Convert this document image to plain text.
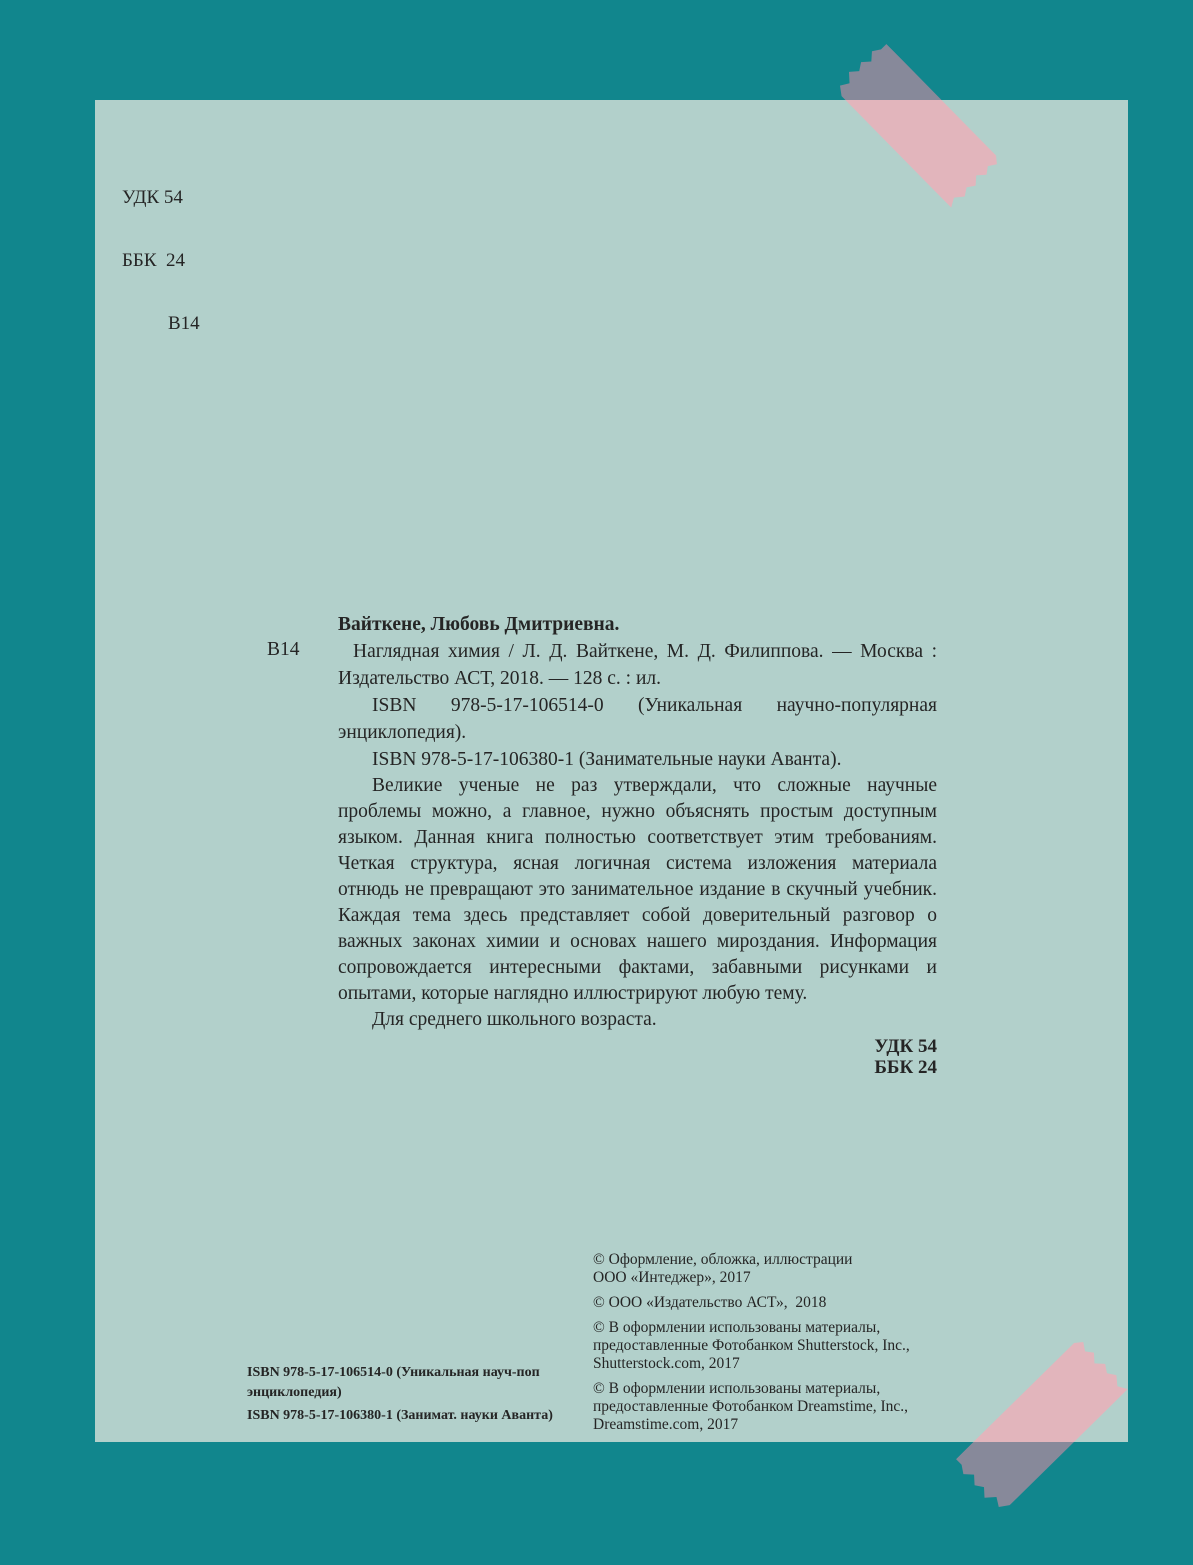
УДК 54

ББК  24

В14

В14

Вайткене, Любовь Дмитриевна.

Наглядная химия / Л. Д. Вайткене, М. Д. Филиппова. — Москва : Издательство АСТ, 2018. — 128 с. : ил.

ISBN 978-5-17-106514-0 (Уникальная научно-популярная энциклопедия).

ISBN 978-5-17-106380-1 (Занимательные науки Аванта).

Великие ученые не раз утверждали, что сложные научные проблемы можно, а главное, нужно объяснять простым доступным языком. Данная книга полностью соответствует этим требованиям. Четкая структура, ясная логичная система изложения материала отнюдь не превращают это занимательное издание в скучный учебник. Каждая тема здесь представляет собой доверительный разговор о важных законах химии и основах нашего мироздания. Информация сопровождается интересными фактами, забавными рисунками и опытами, которые наглядно иллюстрируют любую тему.

Для среднего школьного возраста.

УДК 54
ББК 24
ISBN 978-5-17-106514-0 (Уникальная науч-поп
энциклопедия)
ISBN 978-5-17-106380-1 (Занимат. науки Аванта)
© Оформление, обложка, иллюстрации
ООО «Интеджер», 2017
© ООО «Издательство АСТ»,  2018
© В оформлении использованы материалы,
предоставленные Фотобанком Shutterstock, Inc.,
Shutterstock.com, 2017
© В оформлении использованы материалы,
предоставленные Фотобанком Dreamstime, Inc.,
Dreamstime.com, 2017
